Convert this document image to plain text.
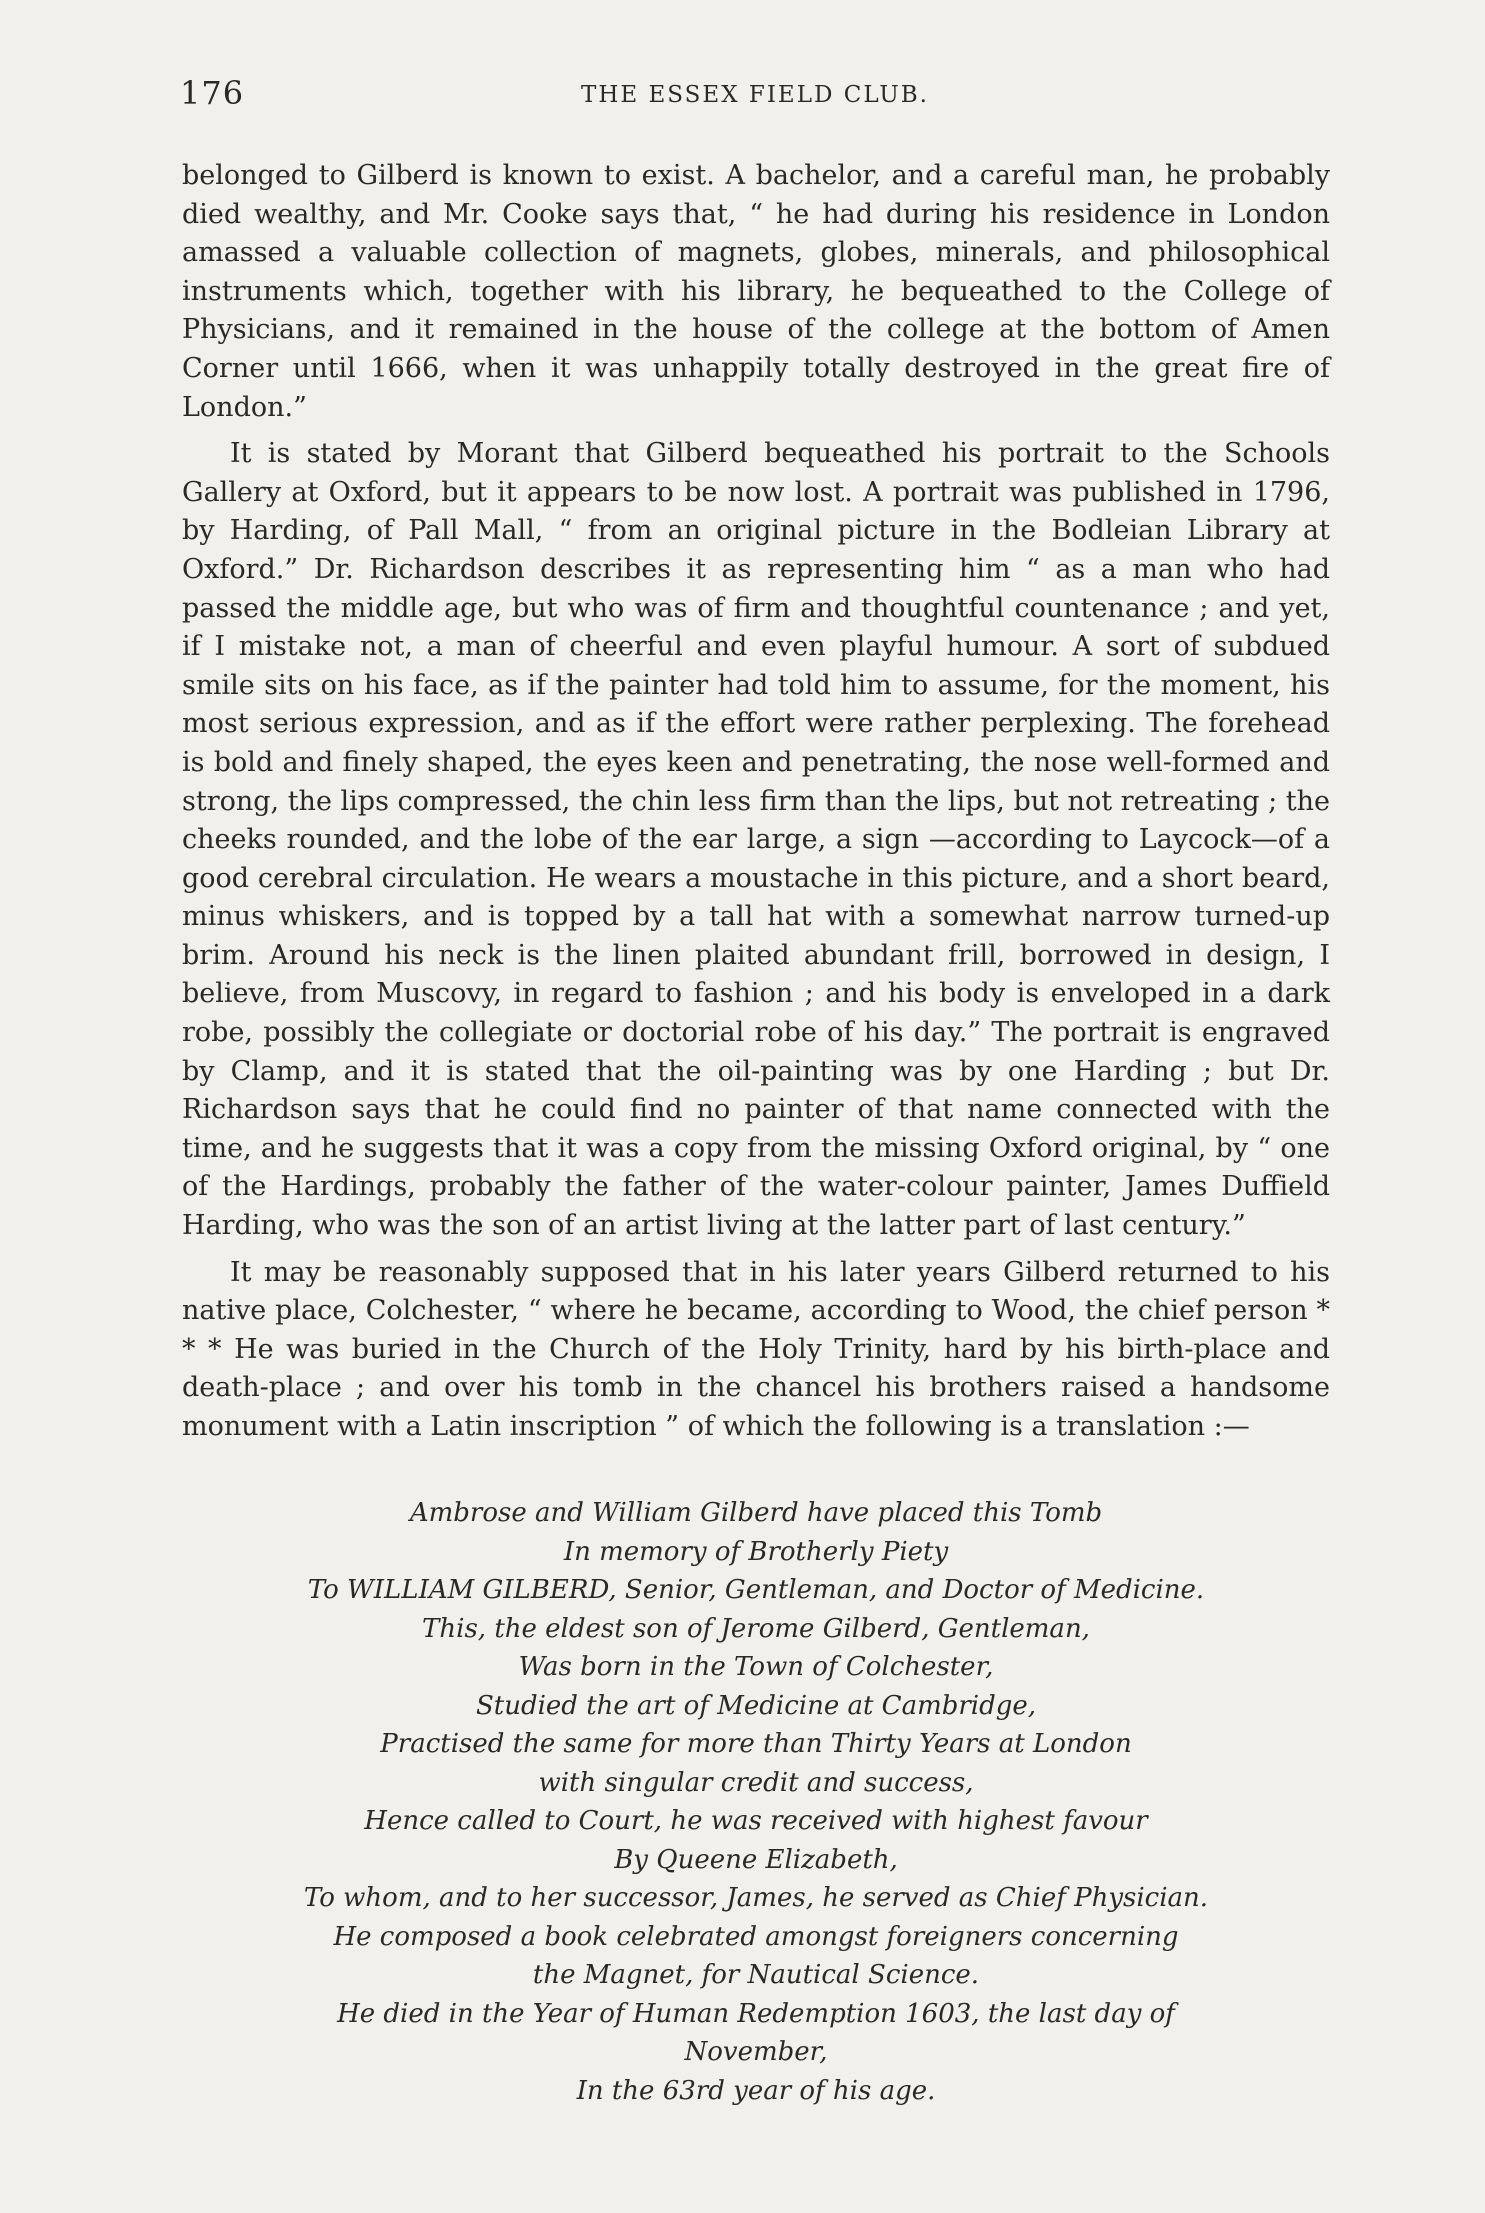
176	THE ESSEX FIELD CLUB.

belonged to Gilberd is known to exist. A bachelor, and a careful man, he probably died wealthy, and Mr. Cooke says that, “ he had during his residence in London amassed a valuable collection of magnets, globes, minerals, and philosophical instruments which, together with his library, he bequeathed to the College of Physicians, and it remained in the house of the college at the bottom of Amen Corner until 1666, when it was unhappily totally destroyed in the great fire of London.”

It is stated by Morant that Gilberd bequeathed his portrait to the Schools Gallery at Oxford, but it appears to be now lost. A portrait was published in 1796, by Harding, of Pall Mall, “ from an original picture in the Bodleian Library at Oxford.” Dr. Richardson describes it as representing him “ as a man who had passed the middle age, but who was of firm and thoughtful countenance ; and yet, if I mistake not, a man of cheerful and even playful humour. A sort of subdued smile sits on his face, as if the painter had told him to assume, for the moment, his most serious expression, and as if the effort were rather perplexing. The forehead is bold and finely shaped, the eyes keen and penetrating, the nose well-formed and strong, the lips compressed, the chin less firm than the lips, but not retreating ; the cheeks rounded, and the lobe of the ear large, a sign —according to Laycock—of a good cerebral circulation. He wears a moustache in this picture, and a short beard, minus whiskers, and is topped by a tall hat with a somewhat narrow turned-up brim. Around his neck is the linen plaited abundant frill, borrowed in design, I believe, from Muscovy, in regard to fashion ; and his body is enveloped in a dark robe, possibly the collegiate or doctorial robe of his day.” The portrait is engraved by Clamp, and it is stated that the oil-painting was by one Harding ; but Dr. Richardson says that he could find no painter of that name connected with the time, and he suggests that it was a copy from the missing Oxford original, by “ one of the Hardings, probably the father of the water-colour painter, James Duffield Harding, who was the son of an artist living at the latter part of last century.”

It may be reasonably supposed that in his later years Gilberd returned to his native place, Colchester, “ where he became, according to Wood, the chief person * * * He was buried in the Church of the Holy Trinity, hard by his birth-place and death-place ; and over his tomb in the chancel his brothers raised a handsome monument with a Latin inscription ” of which the following is a translation :—

Ambrose and William Gilberd have placed this Tomb
In memory of Brotherly Piety
To WILLIAM GILBERD, Senior, Gentleman, and Doctor of Medicine.
This, the eldest son of Jerome Gilberd, Gentleman,
Was born in the Town of Colchester,
Studied the art of Medicine at Cambridge,
Practised the same for more than Thirty Years at London
with singular credit and success,
Hence called to Court, he was received with highest favour
By Queene Elizabeth,
To whom, and to her successor, James, he served as Chief Physician.
He composed a book celebrated amongst foreigners concerning
the Magnet, for Nautical Science.
He died in the Year of Human Redemption 1603, the last day of
November,
In the 63rd year of his age.
